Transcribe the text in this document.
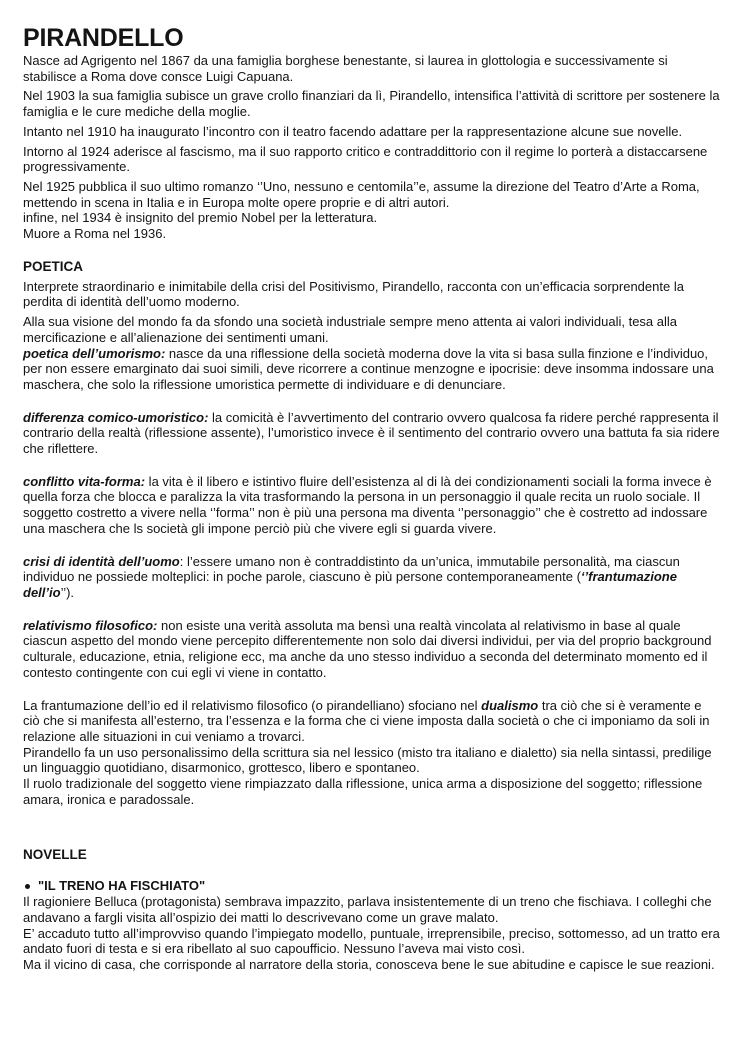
PIRANDELLO

Nasce ad Agrigento nel 1867 da una famiglia borghese benestante, si laurea in glottologia e successivamente si stabilisce a Roma dove consce Luigi Capuana.

Nel 1903 la sua famiglia subisce un grave crollo finanziari da lì, Pirandello, intensifica l’attività di scrittore per sostenere la famiglia e le cure mediche della moglie.

Intanto nel 1910 ha inaugurato l’incontro con il teatro facendo adattare per la rappresentazione alcune sue novelle.

Intorno al 1924 aderisce al fascismo, ma il suo rapporto critico e contraddittorio con il regime lo porterà a distaccarsene progressivamente.

Nel 1925 pubblica il suo ultimo romanzo ‘’Uno, nessuno e centomila’’e, assume la direzione del Teatro d’Arte a Roma, mettendo in scena in Italia e in Europa molte opere proprie e di altri autori.

infine, nel 1934 è insignito del premio Nobel per la letteratura.

Muore a Roma nel 1936.

POETICA

Interprete straordinario e inimitabile della crisi del Positivismo, Pirandello, racconta con un’efficacia sorprendente la perdita di identità dell’uomo moderno.

Alla sua visione del mondo fa da sfondo una società industriale sempre meno attenta ai valori individuali, tesa alla mercificazione e all’alienazione dei sentimenti umani.

poetica dell’umorismo: nasce da una riflessione della società moderna dove la vita si basa sulla finzione e l’individuo, per non essere emarginato dai suoi simili, deve ricorrere a continue menzogne e ipocrisie: deve insomma indossare una maschera, che solo la riflessione umoristica permette di individuare e di denunciare.

differenza comico-umoristico: la comicità è l’avvertimento del contrario ovvero qualcosa fa ridere perché rappresenta il contrario della realtà (riflessione assente), l’umoristico invece è il sentimento del contrario ovvero una battuta fa sia ridere che riflettere.

conflitto vita-forma: la vita è il libero e istintivo fluire dell’esistenza al di là dei condizionamenti sociali la forma invece è quella forza che blocca e paralizza la vita trasformando la persona in un personaggio il quale recita un ruolo sociale. Il soggetto costretto a vivere nella ‘’forma’’ non è più una persona ma diventa ‘’personaggio’’ che è costretto ad indossare una maschera che ls società gli impone perciò più che vivere egli si guarda vivere.

crisi di identità dell’uomo: l’essere umano non è contraddistinto da un’unica, immutabile personalità, ma ciascun individuo ne possiede molteplici: in poche parole, ciascuno è più persone contemporaneamente (‘’frantumazione dell’io’’).

relativismo filosofico: non esiste una verità assoluta ma bensì una realtà vincolata al relativismo in base al quale ciascun aspetto del mondo viene percepito differentemente non solo dai diversi individui, per via del proprio background culturale, educazione, etnia, religione ecc, ma anche da uno stesso individuo a seconda del determinato momento ed il contesto contingente con cui egli vi viene in contatto.

La frantumazione dell’io ed il relativismo filosofico (o pirandelliano) sfociano nel dualismo tra ciò che si è veramente e ciò che si manifesta all’esterno, tra l’essenza e la forma che ci viene imposta dalla società o che ci imponiamo da soli in relazione alle situazioni in cui veniamo a trovarci.

Pirandello fa un uso personalissimo della scrittura sia nel lessico (misto tra italiano e dialetto) sia nella sintassi, predilige un linguaggio quotidiano, disarmonico, grottesco, libero e spontaneo.

Il ruolo tradizionale del soggetto viene rimpiazzato dalla riflessione, unica arma a disposizione del soggetto; riflessione amara, ironica e paradossale.

NOVELLE

"IL TRENO HA FISCHIATO"

Il ragioniere Belluca (protagonista) sembrava impazzito, parlava insistentemente di un treno che fischiava. I colleghi che andavano a fargli visita all’ospizio dei matti lo descrivevano come un grave malato.

E’ accaduto tutto all’improvviso quando l’impiegato modello, puntuale, irreprensibile, preciso, sottomesso, ad un tratto era andato fuori di testa e si era ribellato al suo capoufficio. Nessuno l’aveva mai visto così.

Ma il vicino di casa, che corrisponde al narratore della storia, conosceva bene le sue abitudine e capisce le sue reazioni.
